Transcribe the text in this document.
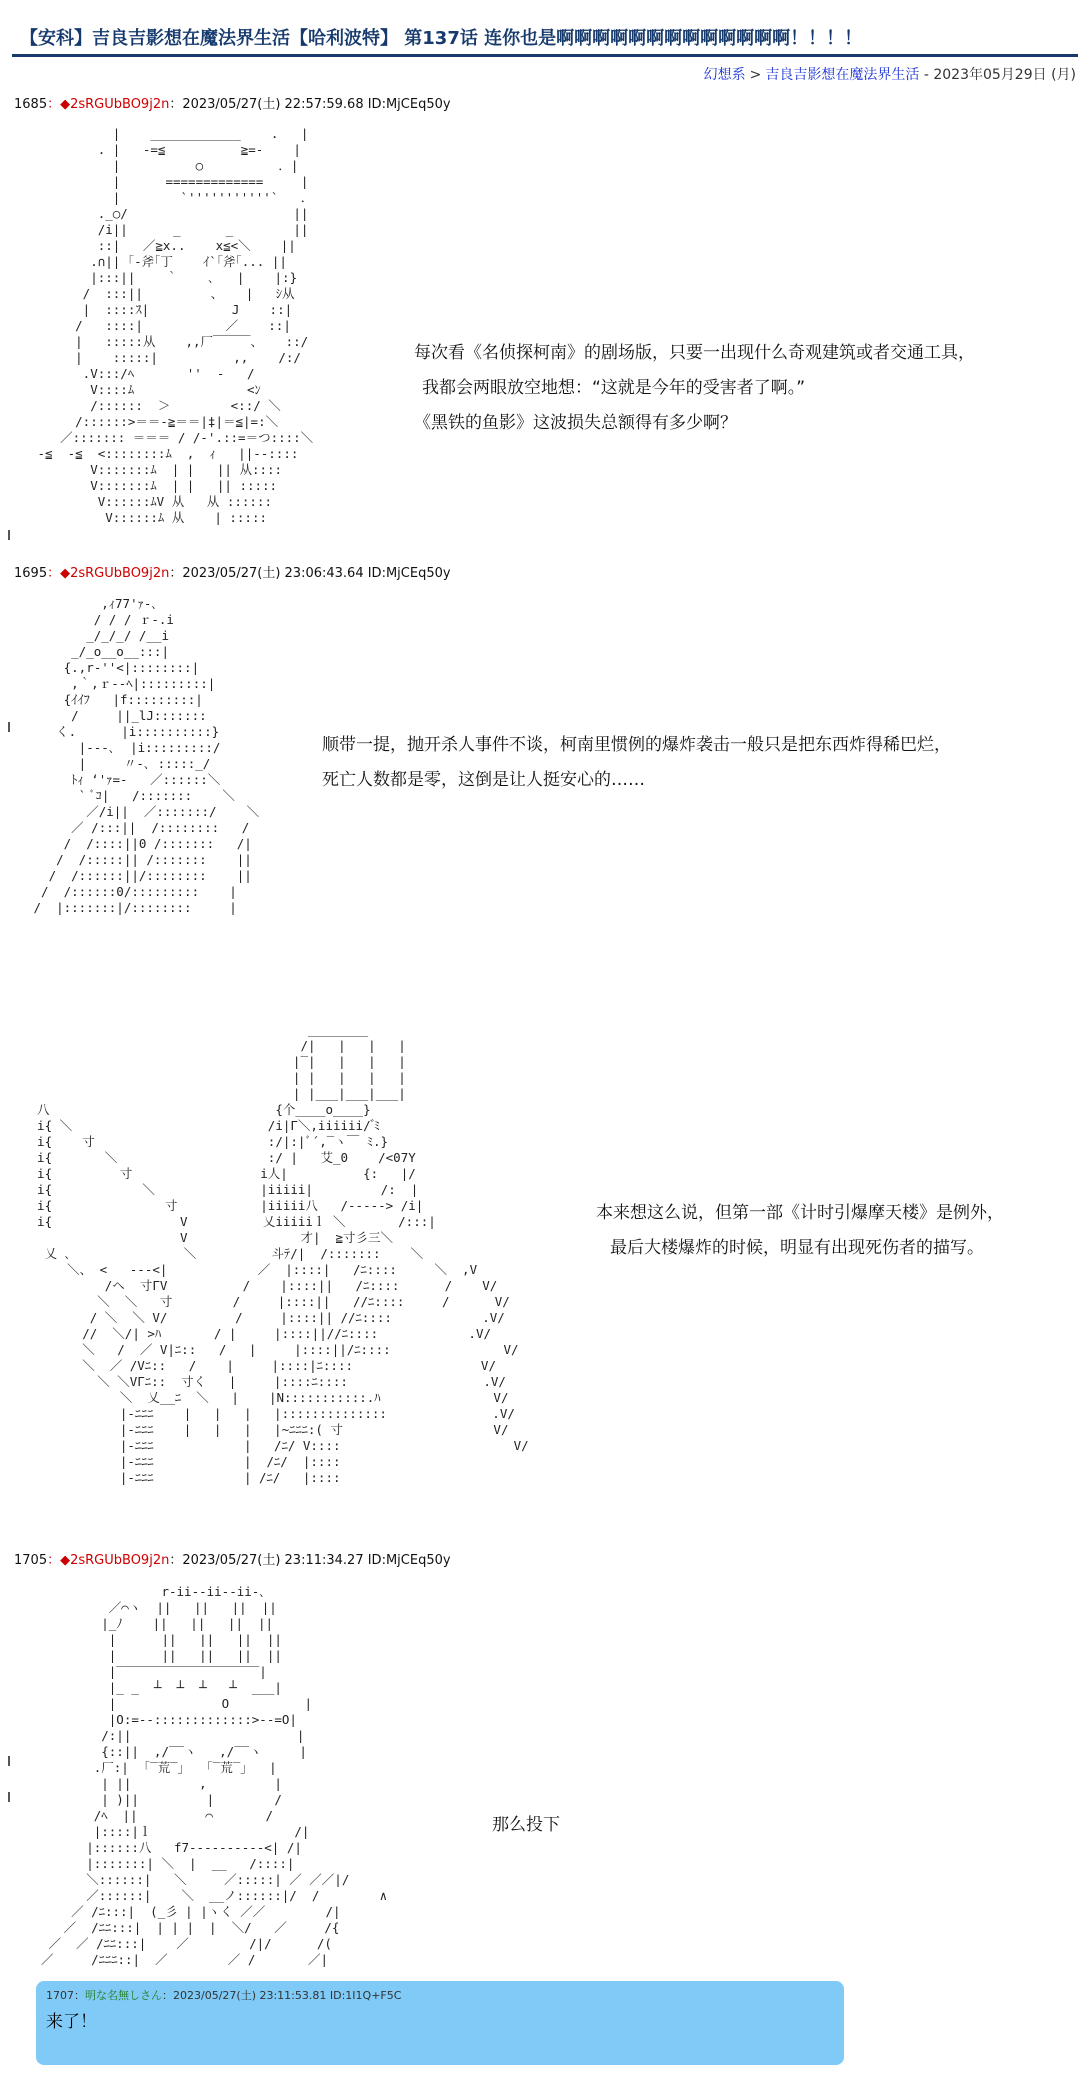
【安科】吉良吉影想在魔法界生活【哈利波特】 第137话 连你也是啊啊啊啊啊啊啊啊啊啊啊啊啊！！！！
幻想系 > 吉良吉影想在魔法界生活 - 2023年05月29日 (月)
1685：◆2sRGUbBO9j2n：2023/05/27(土) 22:57:59.68 ID:MjCEq50y
|    ____________    .   |
. |   -=≦          ≧=-    |
|          ○          ．|
|      =============     |
|        `'''''''''''`   ．
._○/                      ||
/i||      _      _        ||
::|   ／≧x..    x≦<＼    ||
.∩|| ｢‐斧｢丁    ｲ`｢斧｢... ||
|:::||    ｀    ､   |    |:}
/  :::||         、   |   ｼ从
|  ::::ｽ|           J    ::|
/   ::::|           ／    ::|
|   :::::从    ,,厂￣￣￣、   ::/
|    :::::|          ,,    /:/
.V:::/ﾍ       ''  ‐   /
V::::ﾑ               <ﾝ
/::::::  ＞        <::/ ＼
/::::::>＝＝-≧＝＝|‡|＝≦|=:＼
／::::::: ＝＝＝ / /‐'.::=＝つ::::＼
-≦  -≦  <::::::::ﾑ  ,  ｨ   ||-‐::::
V:::::::ﾑ  | |   || 从::::
V:::::::ﾑ  | |   || :::::
V::::::ﾑV 从   从 ::::::
V::::::ﾑ 从    | :::::
每次看《名侦探柯南》的剧场版，只要一出现什么奇观建筑或者交通工具，
我都会两眼放空地想：“这就是今年的受害者了啊。”
《黑铁的鱼影》这波损失总额得有多少啊？
1695：◆2sRGUbBO9j2n：2023/05/27(土) 23:06:43.64 ID:MjCEq50y
,ｨ77'ｧ-､
/ / / ｒ-.i
_/_/_/ /__i
_/_o__o__:::|
{.,r-''<|::::::::|
,｀,ｒ--ﾍ|:::::::::|
{ｲｲﾌ   |f:::::::::|
/     ||_lJ:::::::
く.      |i::::::::::}
|---､  |i:::::::::/
|     〃-､ :::::_/
ﾄｨ ‘'ｧ=-   ／::::::＼
` ﾞｺ|   /:::::::    ＼
／/i||  ／:::::::/    ＼
／ /:::||  /::::::::   /
/  /::::||0 /:::::::   /|
/  /:::::|| /:::::::    ||
/  /::::::||/::::::::    ||
/  /::::::0/:::::::::    |
/  |:::::::|/::::::::     |
顺带一提，抛开杀人事件不谈，柯南里惯例的爆炸袭击一般只是把东西炸得稀巴烂，
死亡人数都是零，这倒是让人挺安心的……
________
/|   |   |   |
|‾|   |   |   |
| |   |   |   |
| |___|___|___|
八                              {个____o____}
i{ ＼                          /i|Γ＼,iiiiii/ ゙ﾐ
i{    寸                       :/|:|ﾞ´,‾ヽ￣ ﾐ.}
i{       ＼                    :/ |   艾_0    /<07Y
i{         寸                 i人|          {:   |/
i{            ＼              |iiiii|         /:  |
i{               寸           |iiiii八   /-----> /i|
i{                 V          乂iiiiiｌ ＼       /:::|
V               才|  ≧寸彡三＼
乂 ､               ＼          斗ﾃ/|  /:::::::    ＼
＼、 <   ---<|            ／  |::::|   /ﾆ::::     ＼  ,V
/ヘ  寸ΓV          /    |::::||   /ﾆ::::      /    V/
＼  ＼   寸        /     |::::||   //ﾆ::::     /      V/
/ ＼  ＼ V/         /     |::::|| //ﾆ::::            .V/
//  ＼/| >ﾊ       / |     |::::||//ﾆ::::            .V/
＼   /  ／ V|ﾆ::   /   |     |::::||/ﾆ::::               V/
＼  ／ /Vﾆ::   /    |     |::::|ﾆ::::                 V/
＼ ＼VΓﾆ::  寸く   |     |::::ﾆ::::                  .V/
＼  乂__ﾆ  ＼   |    |N:::::::::::.ﾊ               V/
|-ﾆﾆﾆ    |   |   |   |::::::::::::::              .V/
|-ﾆﾆﾆ    |   |   |   |~ﾆﾆﾆ:( 寸                    V/
|-ﾆﾆﾆ            |   /ﾆ/ V::::                       V/
|-ﾆﾆﾆ            |  /ﾆ/  |::::
|-ﾆﾆﾆ            | /ﾆ/   |::::
本来想这么说，但第一部《计时引爆摩天楼》是例外，
最后大楼爆炸的时候，明显有出现死伤者的描写。
1705：◆2sRGUbBO9j2n：2023/05/27(土) 23:11:34.27 ID:MjCEq50y
r‐ii‐‐ii‐‐ii‐､
／⌒ヽ  ||   ||   ||  ||
|_ﾉ    ||   ||   ||  ||
|      ||   ||   ||  ||
|      ||   ||   ||  ||
|‾‾‾‾‾‾‾‾‾‾‾‾‾‾‾‾‾‾‾|
|_ _  ┴  ┴  ┴   ┴  ___|
|              O          |
|O:=--:::::::::::::>--=O|
/:||                      |
{::||  ,/‾‾ヽ   ,/‾‾ヽ     |
.厂:|  ｢‾荒‾｣   ｢‾荒‾｣   |
| ||         ,         |
| )||         |        /
/ﾍ  ||         ⌒       /
|::::|ｌ                   /|
|::::::八   f7----------<| /|
|:::::::| ＼  |  __   /::::|
＼::::::|   ＼     ／:::::| ／ ／／|/
／::::::|    ＼  __ノ::::::|/  /        ∧
／ /ﾆ:::|  (_彡 | |ヽく ／／        /|
／  /ﾆﾆ:::|  | | |  |  ＼/   ／     /{
／  ／ /ﾆﾆ:::|    ／        /|/      /(
／     /ﾆﾆﾆ::|  ／        ／ /       ／|
那么投下
1707：明な名無しさん：2023/05/27(土) 23:11:53.81 ID:1I1Q+F5C
来了！
